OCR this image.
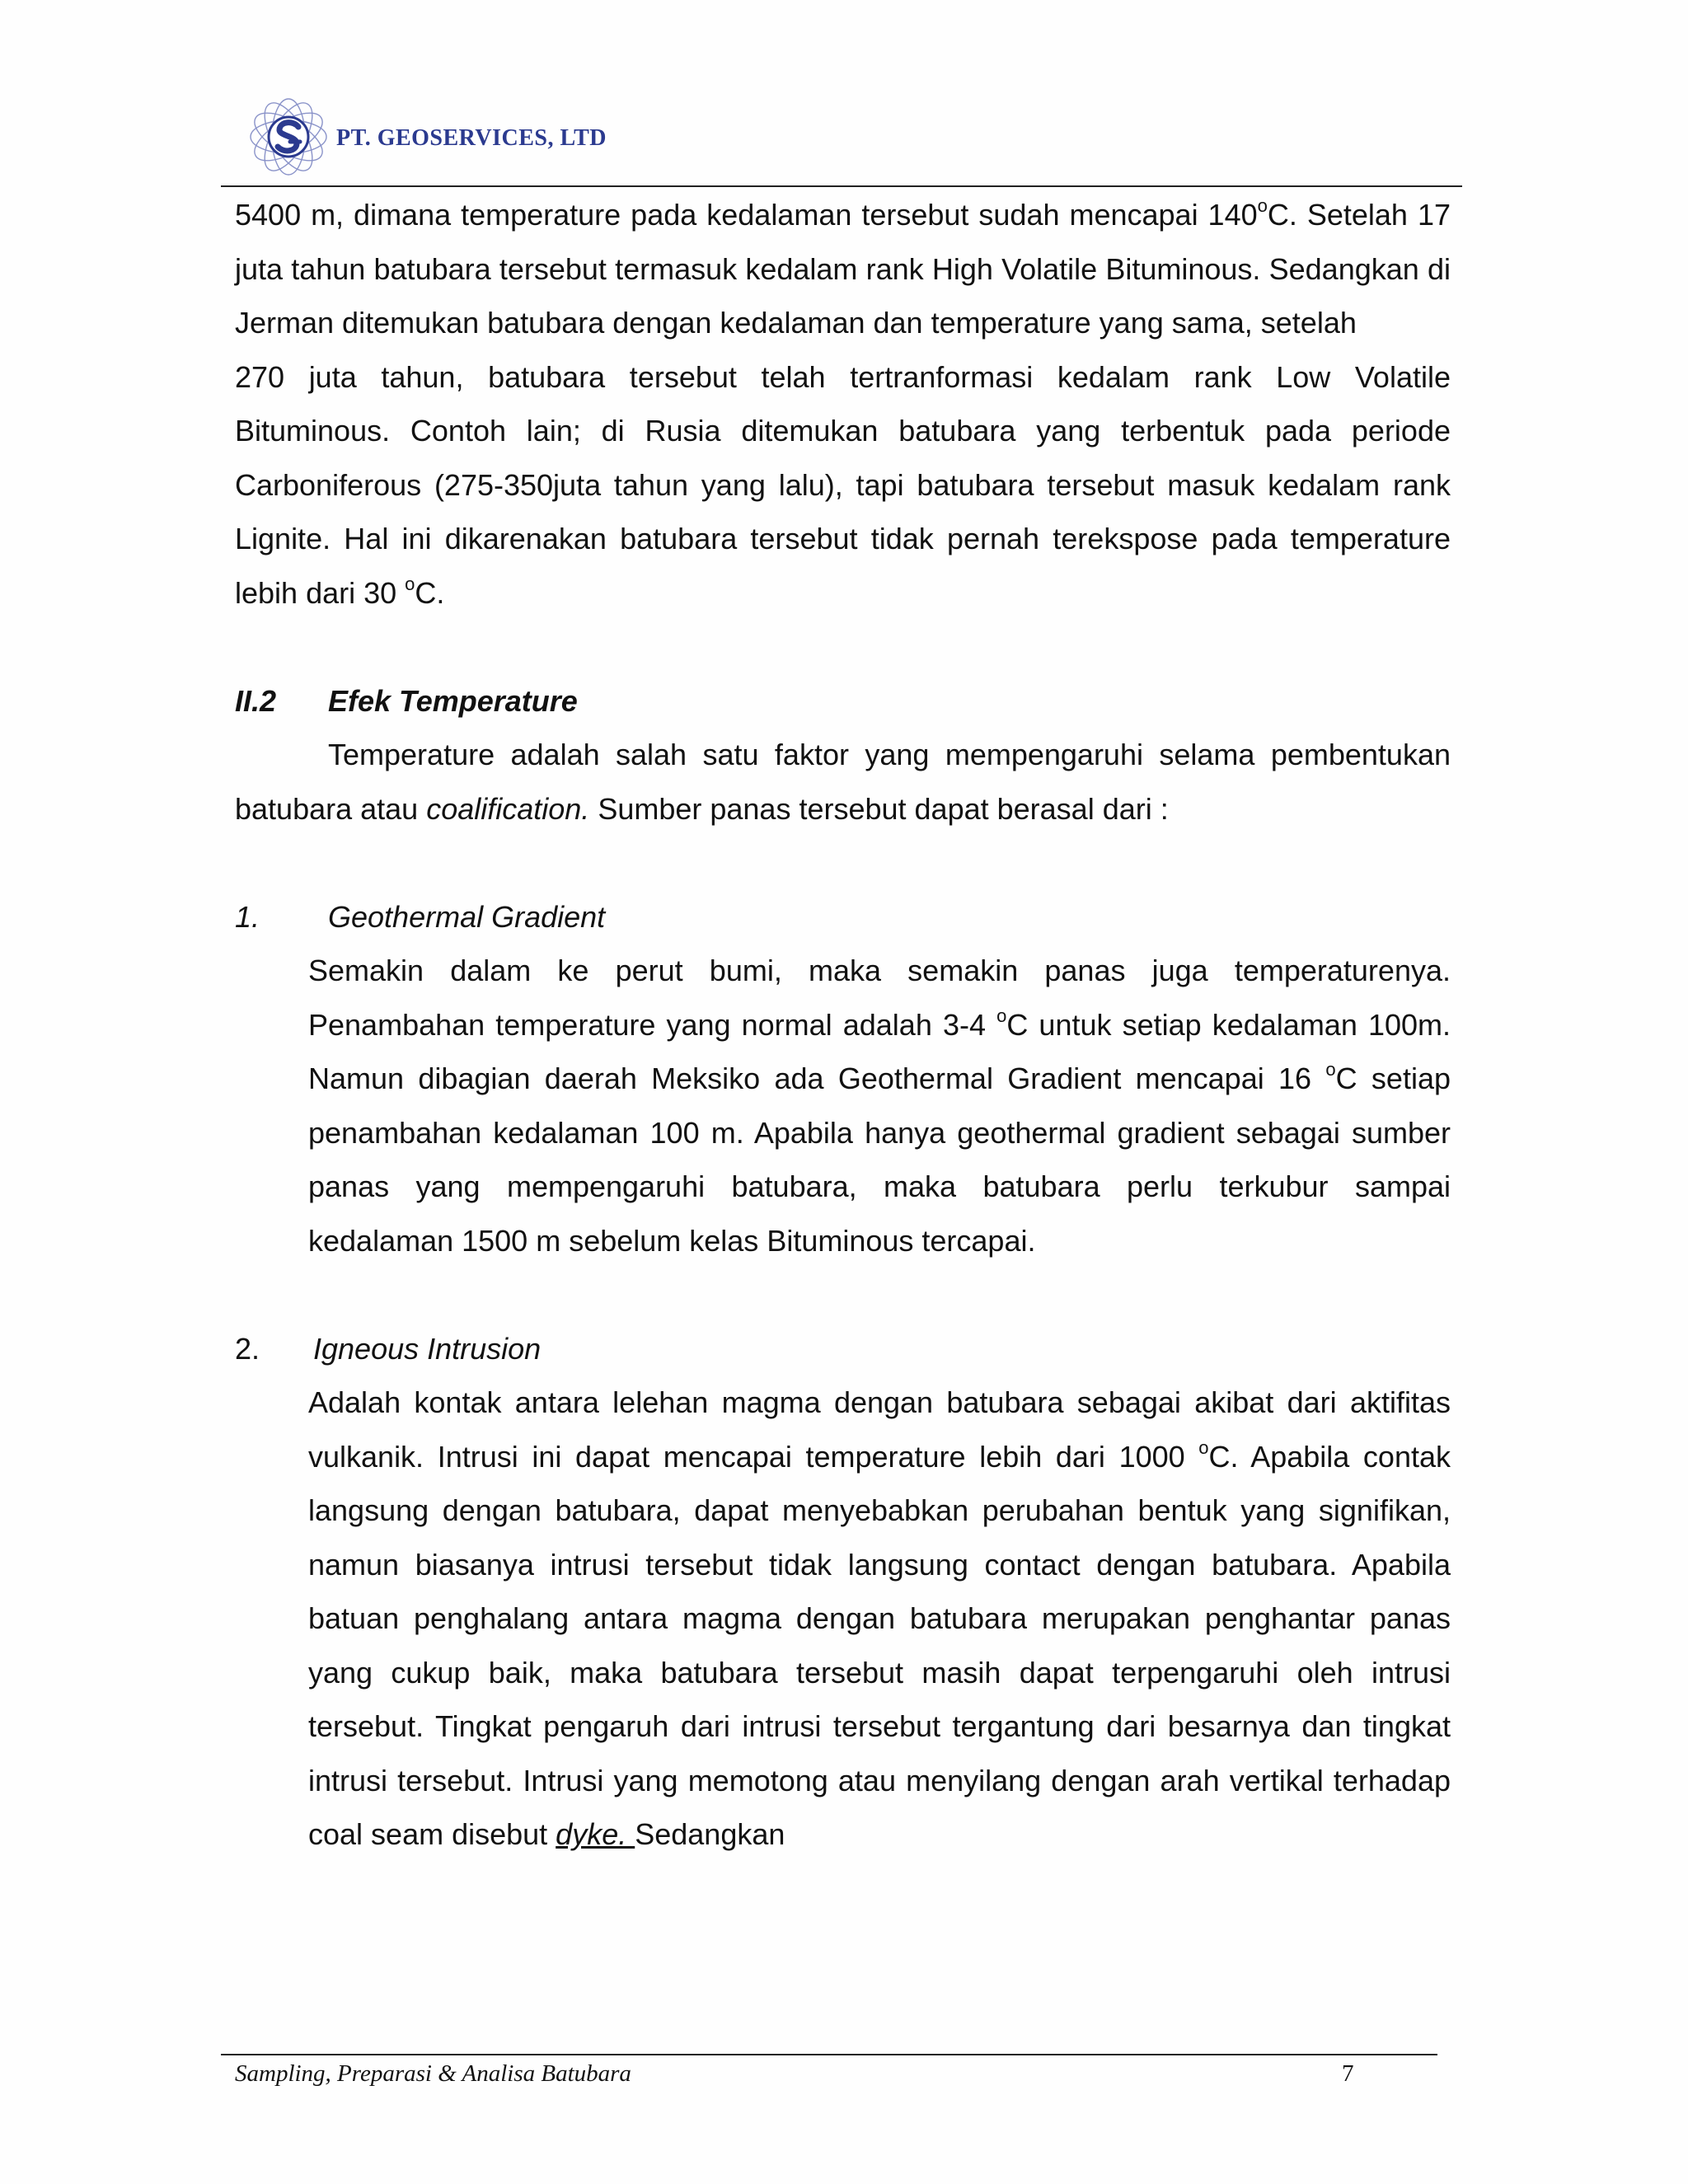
PT. GEOSERVICES, LTD

5400 m, dimana temperature pada kedalaman tersebut sudah mencapai 140$^o$C. Setelah 17 juta tahun batubara tersebut termasuk kedalam rank High Volatile Bituminous. Sedangkan di Jerman ditemukan batubara dengan kedalaman dan temperature yang sama, setelah

270 juta tahun, batubara tersebut telah tertranformasi kedalam rank Low Volatile Bituminous. Contoh lain; di Rusia ditemukan batubara yang terbentuk pada periode Carboniferous (275-350juta tahun yang lalu), tapi batubara tersebut masuk kedalam rank Lignite. Hal ini dikarenakan batubara tersebut tidak pernah terekspose pada temperature lebih dari 30 $^o$C.

II.2	Efek Temperature

Temperature adalah salah satu faktor yang mempengaruhi selama pembentukan batubara atau coalification. Sumber panas tersebut dapat berasal dari :

1.	Geothermal Gradient

Semakin dalam ke perut bumi, maka semakin panas juga temperaturenya. Penambahan temperature yang normal adalah 3-4 $^o$C untuk setiap kedalaman 100m. Namun dibagian daerah Meksiko ada Geothermal Gradient mencapai 16 $^o$C setiap penambahan kedalaman 100 m. Apabila hanya geothermal gradient sebagai sumber panas yang mempengaruhi batubara, maka batubara perlu terkubur sampai kedalaman 1500 m sebelum kelas Bituminous tercapai.

2.	Igneous Intrusion

Adalah kontak antara lelehan magma dengan batubara sebagai akibat dari aktifitas vulkanik. Intrusi ini dapat mencapai temperature lebih dari 1000 $^o$C. Apabila contak langsung dengan batubara, dapat menyebabkan perubahan bentuk yang signifikan, namun biasanya intrusi tersebut tidak langsung contact dengan batubara. Apabila batuan penghalang antara magma dengan batubara merupakan penghantar panas yang cukup baik, maka batubara tersebut masih dapat terpengaruhi oleh intrusi tersebut. Tingkat pengaruh dari intrusi tersebut tergantung dari besarnya dan tingkat intrusi tersebut. Intrusi yang memotong atau menyilang dengan arah vertikal terhadap coal seam disebut dyke. Sedangkan

Sampling, Preparasi & Analisa Batubara	7
